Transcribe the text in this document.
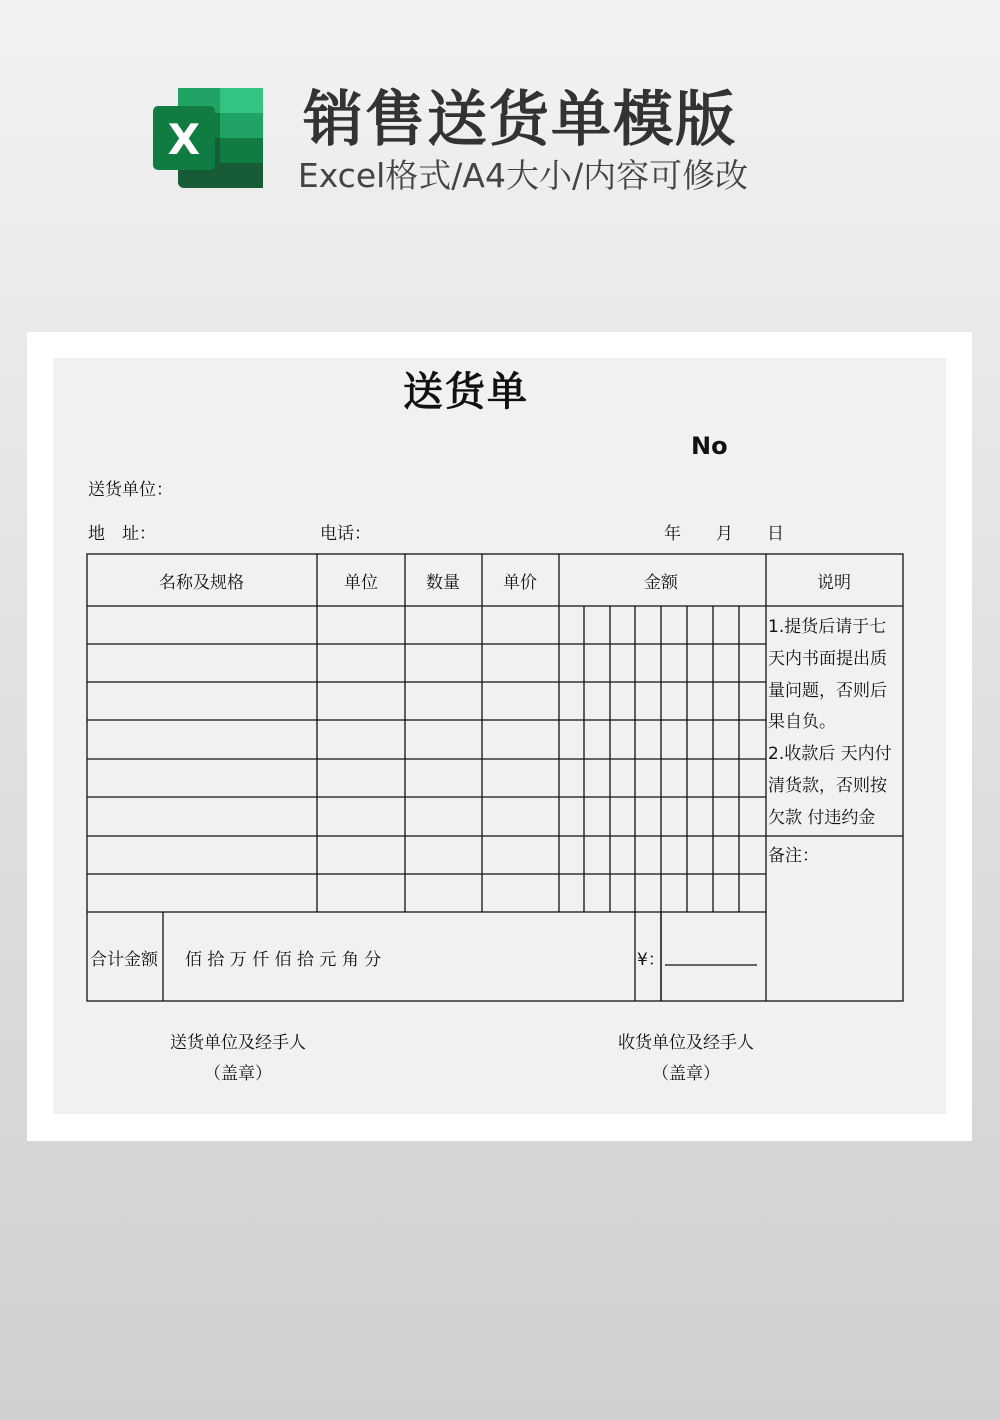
X 销售送货单模版
Excel格式/A4大小/内容可修改
送货单
No
送货单位：
地　址：	电话：	年 月 日
名称及规格	单位	数量	单价	金额	说明
1.提货后请于七
天内书面提出质
量问题，否则后
果自负。
2.收款后 天内付
清货款，否则按
欠款 付违约金
备注：
合计金额 佰 拾 万 仟 佰 拾 元 角 分	¥：
送货单位及经手人
（盖章）
收货单位及经手人
（盖章）
